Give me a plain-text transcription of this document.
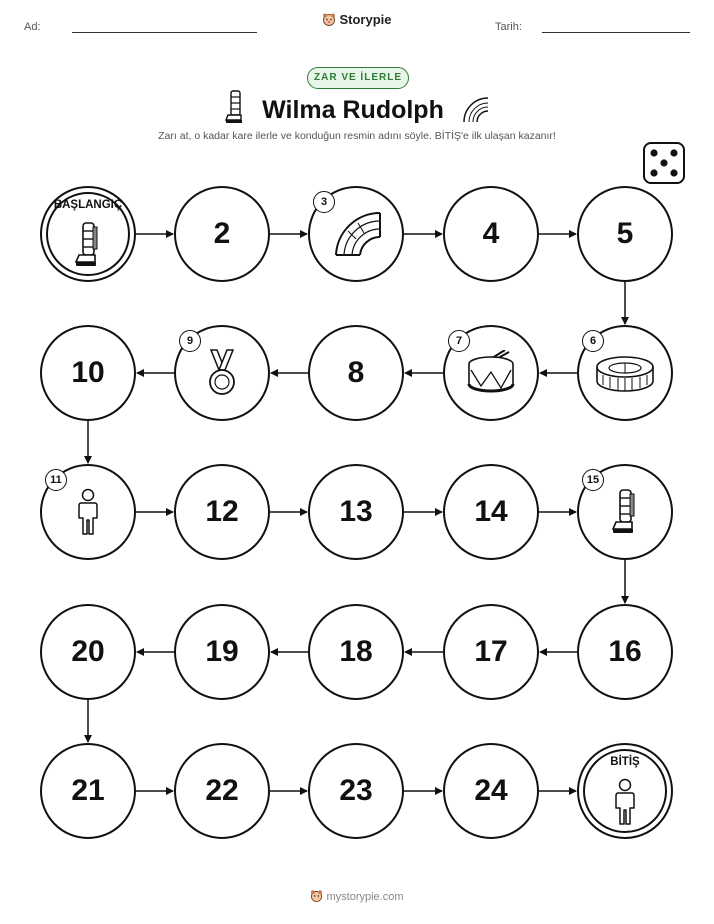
Ad:	Storypie	Tarih:
ZAR VE İLERLE
Wilma Rudolph
Zarı at, o kadar kare ilerle ve konduğun resmin adını söyle. BİTİŞ'e ilk ulaşan kazanır!
BAŞLANGIÇ
2
3
4	5
6
7
8
9
10
11
12	13	14
15
16
17
18
19
20
21	22	23	24
BİTİŞ
mystorypie.com
